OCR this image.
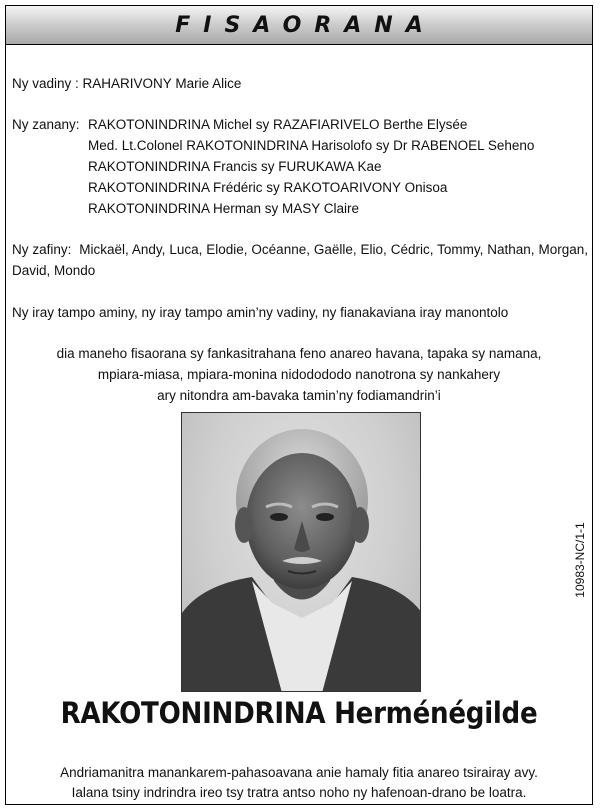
FISAORANA
Ny vadiny : RAHARIVONY Marie Alice
Ny zanany: RAKOTONINDRINA Michel sy RAZAFIARIVELO Berthe Elysée
Med. Lt.Colonel RAKOTONINDRINA Harisolofo sy Dr RABENOEL Seheno
RAKOTONINDRINA Francis sy FURUKAWA Kae
RAKOTONINDRINA Frédéric sy RAKOTOARIVONY Onisoa
RAKOTONINDRINA Herman sy MASY Claire
Ny zafiny: Mickaël, Andy, Luca, Elodie, Océanne, Gaëlle, Elio, Cédric, Tommy, Nathan, Morgan, David, Mondo
Ny iray tampo aminy, ny iray tampo amin’ny vadiny, ny fianakaviana iray manontolo
dia maneho fisaorana sy fankasitrahana feno anareo havana, tapaka sy namana,
mpiara-miasa, mpiara-monina nidodododo nanotrona sy nankahery
ary nitondra am-bavaka tamin’ny fodiamandrin’i
RAKOTONINDRINA Herménégilde
Andriamanitra manankarem-pahasoavana anie hamaly fitia anareo tsirairay avy.
Ialana tsiny indrindra ireo tsy tratra antso noho ny hafenoan-drano be loatra.
10983-NC/1-1
